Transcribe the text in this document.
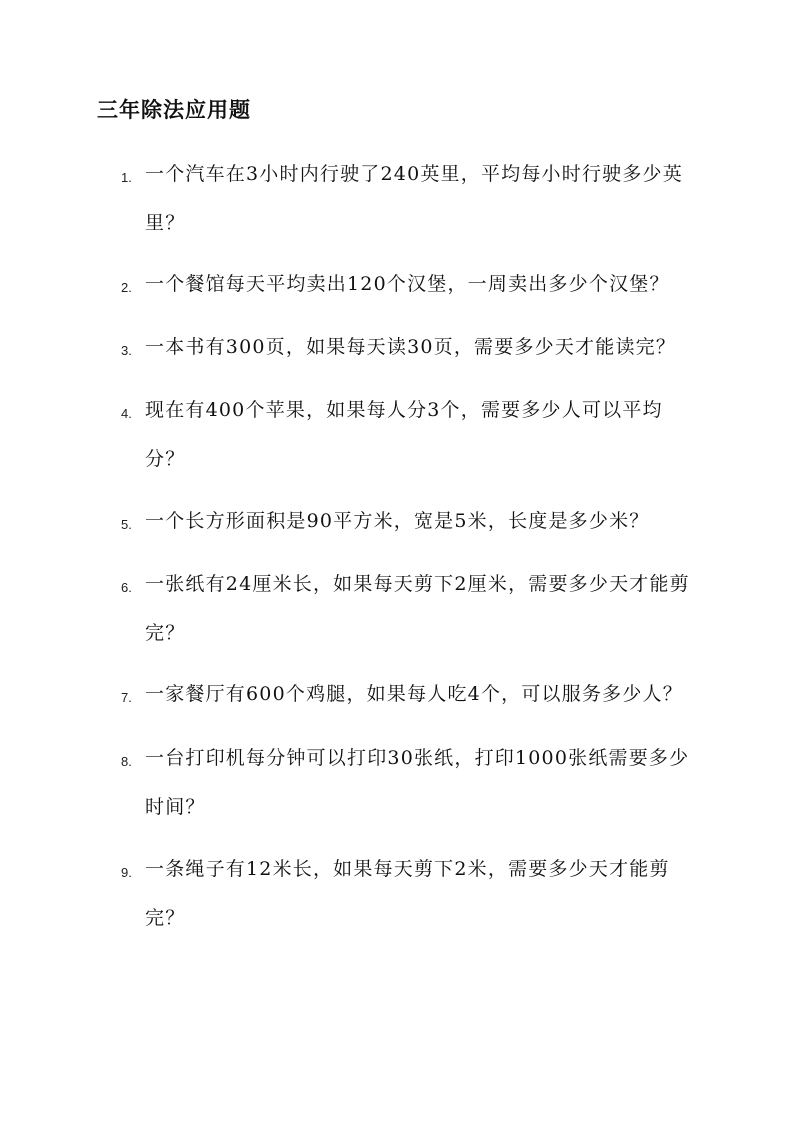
三年除法应用题
1. 一个汽车在3小时内行驶了240英里，平均每小时行驶多少英里？
2. 一个餐馆每天平均卖出120个汉堡，一周卖出多少个汉堡？
3. 一本书有300页，如果每天读30页，需要多少天才能读完？
4. 现在有400个苹果，如果每人分3个，需要多少人可以平均分？
5. 一个长方形面积是90平方米，宽是5米，长度是多少米？
6. 一张纸有24厘米长，如果每天剪下2厘米，需要多少天才能剪完？
7. 一家餐厅有600个鸡腿，如果每人吃4个，可以服务多少人？
8. 一台打印机每分钟可以打印30张纸，打印1000张纸需要多少时间？
9. 一条绳子有12米长，如果每天剪下2米，需要多少天才能剪完？
